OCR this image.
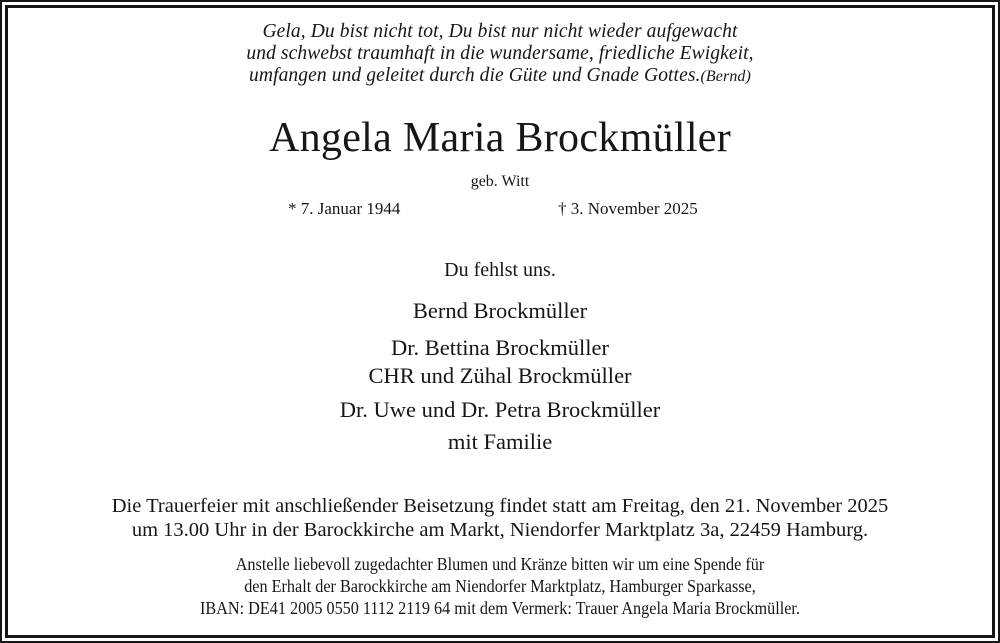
Gela, Du bist nicht tot, Du bist nur nicht wieder aufgewacht
und schwebst traumhaft in die wundersame, friedliche Ewigkeit,
umfangen und geleitet durch die Güte und Gnade Gottes.(Bernd)
Angela Maria Brockmüller
geb. Witt
* 7. Januar 1944	† 3. November 2025
Du fehlst uns.
Bernd Brockmüller
Dr. Bettina Brockmüller
CHR und Zühal Brockmüller
Dr. Uwe und Dr. Petra Brockmüller
mit Familie
Die Trauerfeier mit anschließender Beisetzung findet statt am Freitag, den 21. November 2025
um 13.00 Uhr in der Barockkirche am Markt, Niendorfer Marktplatz 3a, 22459 Hamburg.
Anstelle liebevoll zugedachter Blumen und Kränze bitten wir um eine Spende für
den Erhalt der Barockkirche am Niendorfer Marktplatz, Hamburger Sparkasse,
IBAN: DE41 2005 0550 1112 2119 64 mit dem Vermerk: Trauer Angela Maria Brockmüller.
